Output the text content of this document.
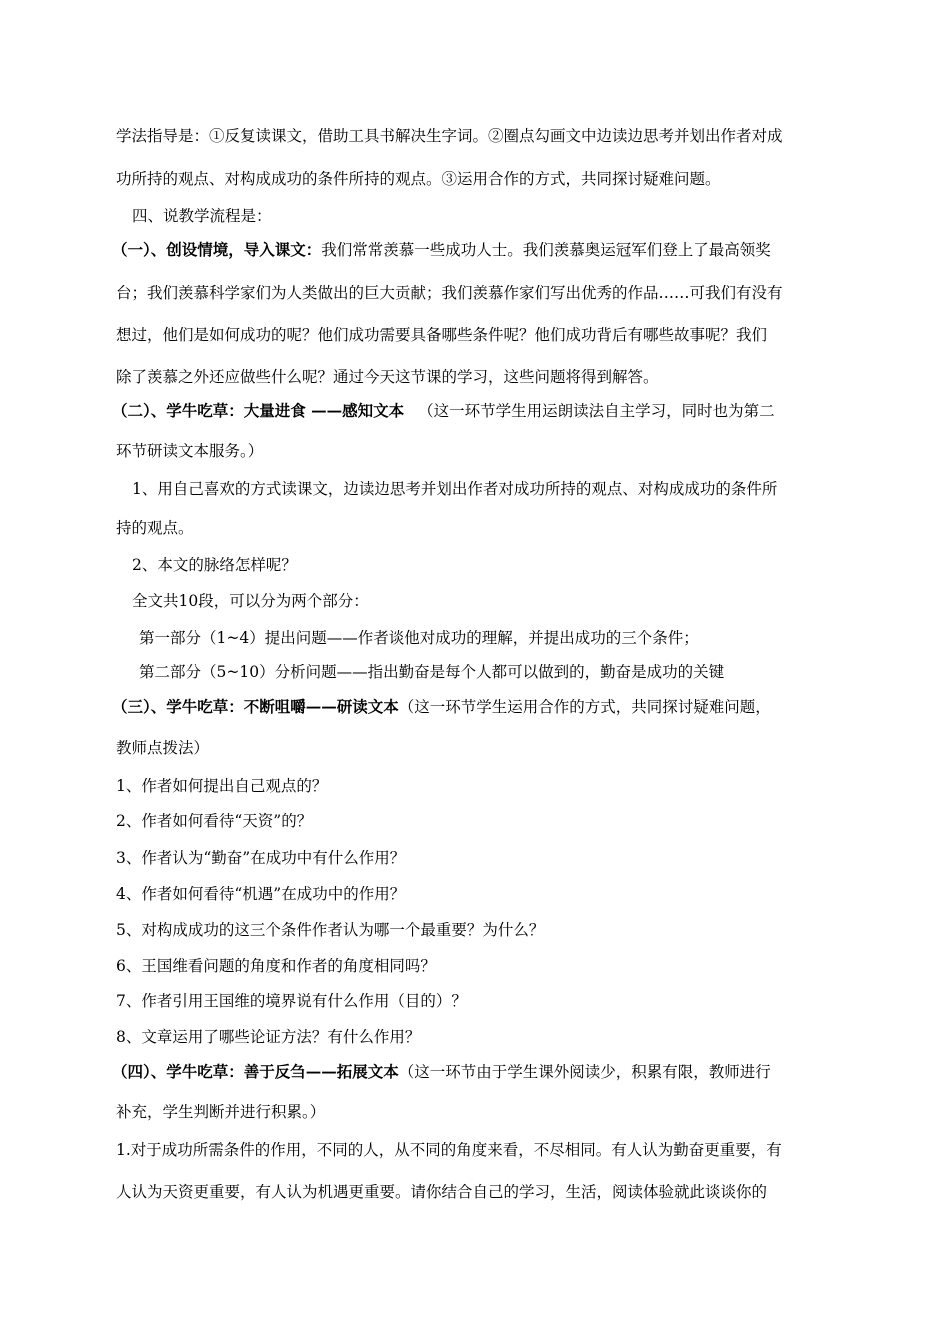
学法指导是：①反复读课文，借助工具书解决生字词。②圈点勾画文中边读边思考并划出作者对成
功所持的观点、对构成成功的条件所持的观点。③运用合作的方式，共同探讨疑难问题。
四、说教学流程是：
（一）、创设情境，导入课文：我们常常羡慕一些成功人士。我们羡慕奥运冠军们登上了最高领奖
台；我们羡慕科学家们为人类做出的巨大贡献；我们羡慕作家们写出优秀的作品……可我们有没有
想过，他们是如何成功的呢？他们成功需要具备哪些条件呢？他们成功背后有哪些故事呢？我们
除了羡慕之外还应做些什么呢？通过今天这节课的学习，这些问题将得到解答。
（二）、学牛吃草：大量进食 ——感知文本 （这一环节学生用运朗读法自主学习，同时也为第二
环节研读文本服务。）
1、用自己喜欢的方式读课文，边读边思考并划出作者对成功所持的观点、对构成成功的条件所
持的观点。
2、本文的脉络怎样呢？
全文共10段，可以分为两个部分：
第一部分（1~4）提出问题——作者谈他对成功的理解，并提出成功的三个条件；
第二部分（5~10）分析问题——指出勤奋是每个人都可以做到的，勤奋是成功的关键
（三）、学牛吃草：不断咀嚼——研读文本（这一环节学生运用合作的方式，共同探讨疑难问题，
教师点拨法）
1、作者如何提出自己观点的？
2、作者如何看待“天资”的？
3、作者认为“勤奋”在成功中有什么作用？
4、作者如何看待“机遇”在成功中的作用？
5、对构成成功的这三个条件作者认为哪一个最重要？为什么？
6、王国维看问题的角度和作者的角度相同吗？
7、作者引用王国维的境界说有什么作用（目的）？
8、文章运用了哪些论证方法？有什么作用？
（四）、学牛吃草：善于反刍——拓展文本（这一环节由于学生课外阅读少，积累有限，教师进行
补充，学生判断并进行积累。）
1.对于成功所需条件的作用，不同的人，从不同的角度来看，不尽相同。有人认为勤奋更重要，有
人认为天资更重要，有人认为机遇更重要。请你结合自己的学习，生活，阅读体验就此谈谈你的
